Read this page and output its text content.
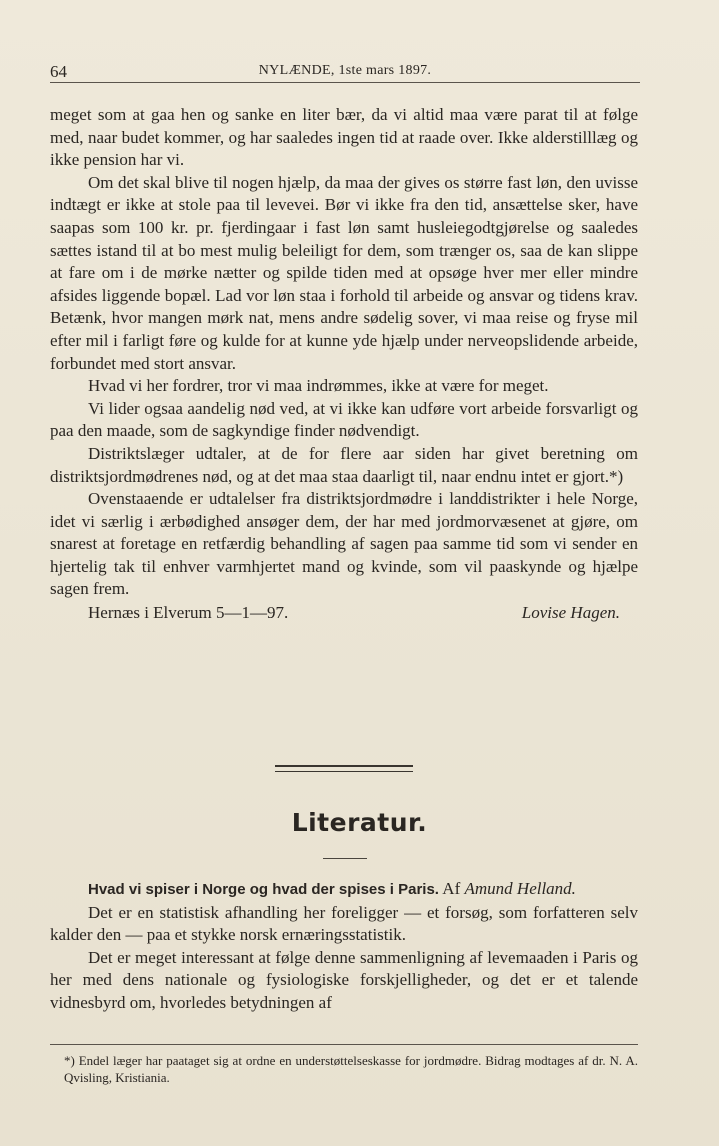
64	NYLÆNDE, 1ste mars 1897.

meget som at gaa hen og sanke en liter bær, da vi altid maa være parat til at følge med, naar budet kommer, og har saaledes ingen tid at raade over. Ikke alderstilllæg og ikke pension har vi.

Om det skal blive til nogen hjælp, da maa der gives os større fast løn, den uvisse indtægt er ikke at stole paa til levevei. Bør vi ikke fra den tid, ansættelse sker, have saapas som 100 kr. pr. fjerdingaar i fast løn samt husleiegodtgjørelse og saaledes sættes istand til at bo mest mulig beleiligt for dem, som trænger os, saa de kan slippe at fare om i de mørke nætter og spilde tiden med at opsøge hver mer eller mindre afsides liggende bopæl. Lad vor løn staa i forhold til arbeide og ansvar og tidens krav. Betænk, hvor mangen mørk nat, mens andre sødelig sover, vi maa reise og fryse mil efter mil i farligt føre og kulde for at kunne yde hjælp under nerveopslidende arbeide, forbundet med stort ansvar.

Hvad vi her fordrer, tror vi maa indrømmes, ikke at være for meget.

Vi lider ogsaa aandelig nød ved, at vi ikke kan udføre vort arbeide forsvarligt og paa den maade, som de sagkyndige finder nødvendigt.

Distriktslæger udtaler, at de for flere aar siden har givet beretning om distriktsjordmødrenes nød, og at det maa staa daarligt til, naar endnu intet er gjort.*)

Ovenstaaende er udtalelser fra distriktsjordmødre i landdistrikter i hele Norge, idet vi særlig i ærbødighed ansøger dem, der har med jordmorvæsenet at gjøre, om snarest at foretage en retfærdig behandling af sagen paa samme tid som vi sender en hjertelig tak til enhver varmhjertet mand og kvinde, som vil paaskynde og hjælpe sagen frem.

Hernæs i Elverum 5—1—97.	Lovise Hagen.
Literatur.

Hvad vi spiser i Norge og hvad der spises i Paris. Af Amund Helland.

Det er en statistisk afhandling her foreligger — et forsøg, som forfatteren selv kalder den — paa et stykke norsk ernæringsstatistik.

Det er meget interessant at følge denne sammenligning af levemaaden i Paris og her med dens nationale og fysiologiske forskjelligheder, og det er et talende vidnesbyrd om, hvorledes betydningen af

*) Endel læger har paataget sig at ordne en understøttelseskasse for jordmødre. Bidrag modtages af dr. N. A. Qvisling, Kristiania.
